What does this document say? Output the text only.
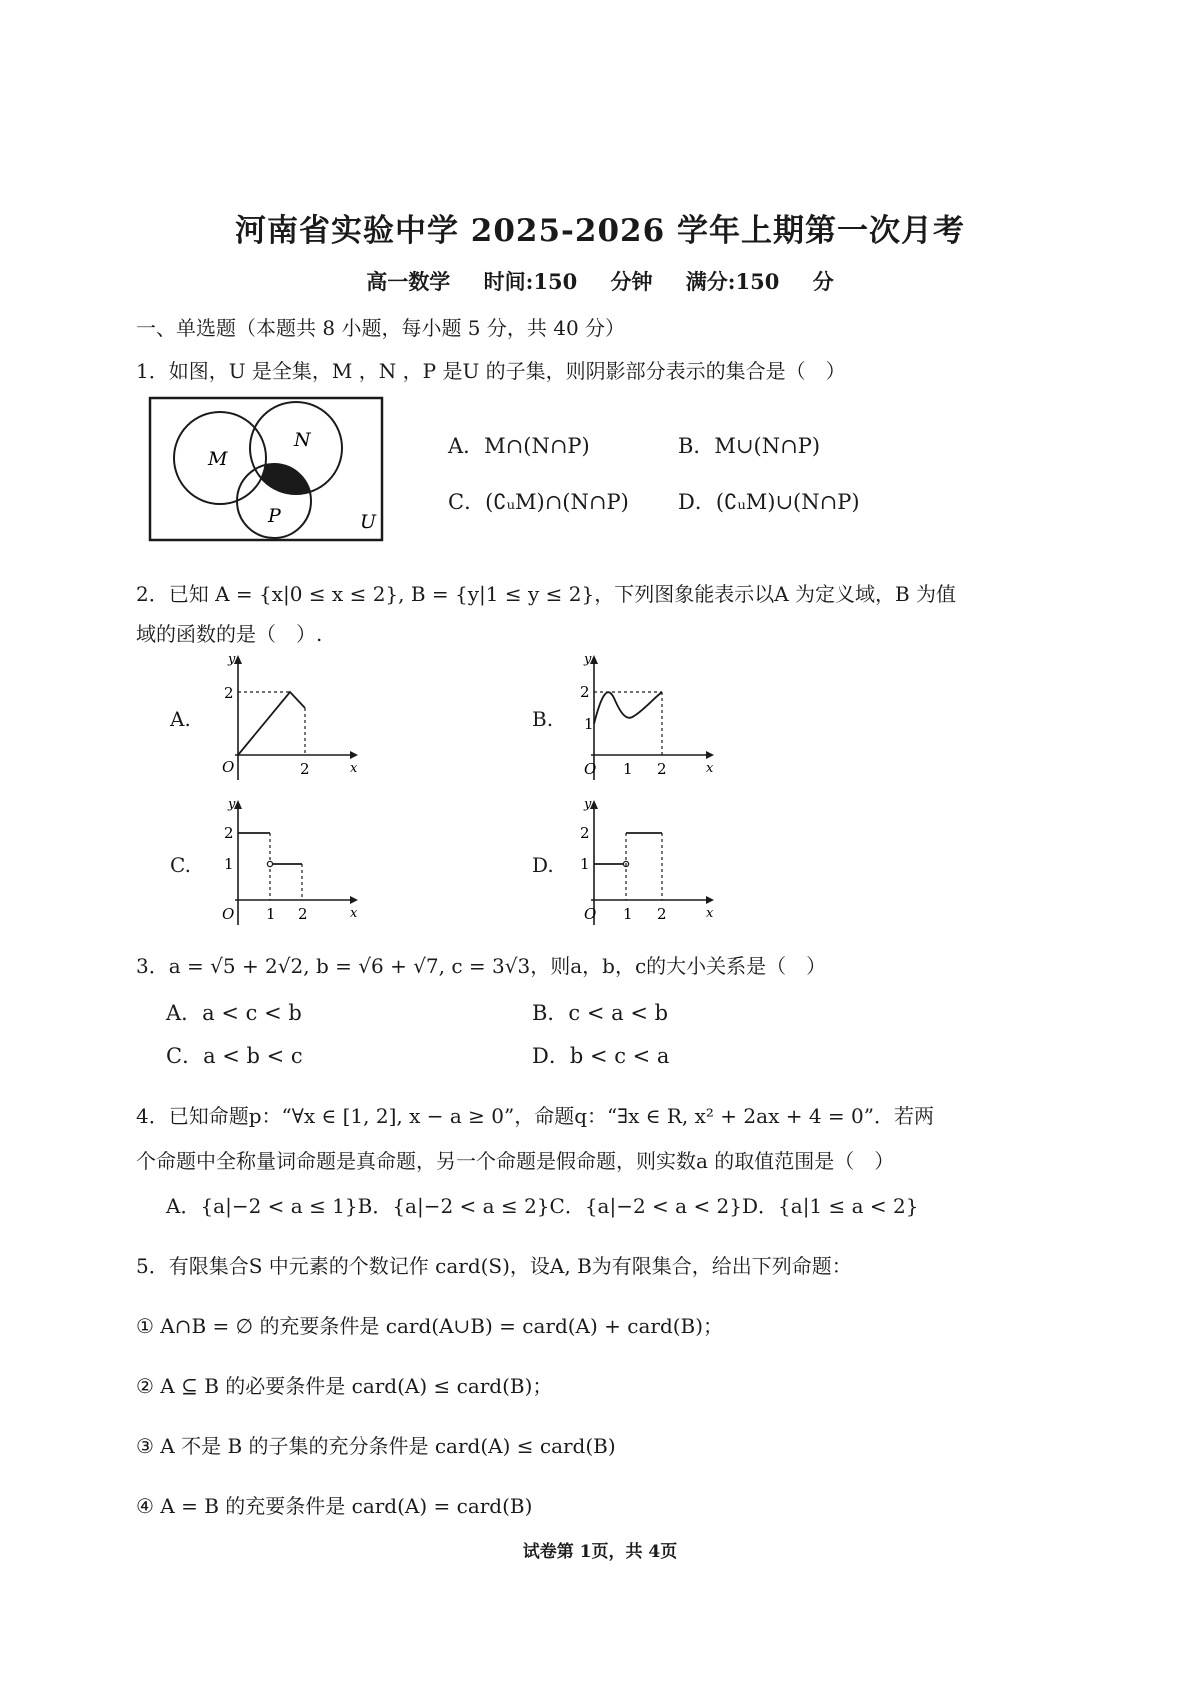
河南省实验中学 2025-2026 学年上期第一次月考
高一数学 时间:150 分钟 满分:150 分
一、单选题（本题共 8 小题，每小题 5 分，共 40 分）
1．如图，U 是全集，M ，N ，P 是U 的子集，则阴影部分表示的集合是（　）
M
N
P	U
A．M∩(N∩P)	B．M∪(N∩P)
C．(∁ᵤM)∩(N∩P) D．(∁ᵤM)∪(N∩P)
2．已知 A = {x|0 ≤ x ≤ 2}, B = {y|1 ≤ y ≤ 2}，下列图象能表示以A 为定义域，B 为值
域的函数的是（　）.
A.
y
x
O
2
2
B.
y
x
O
2
1
1 2
C.
y
x
O
2
1
1 2
D.
y
x
O
2
1
1 2
3．a = √5 + 2√2, b = √6 + √7, c = 3√3，则a，b，c的大小关系是（　）
A．a < c < b	B．c < a < b
C．a < b < c	D．b < c < a
4．已知命题p：“∀x ∈ [1, 2], x − a ≥ 0”，命题q：“∃x ∈ R, x² + 2ax + 4 = 0”．若两
个命题中全称量词命题是真命题，另一个命题是假命题，则实数a 的取值范围是（　）
A．{a|−2 < a ≤ 1}B．{a|−2 < a ≤ 2}C．{a|−2 < a < 2}D．{a|1 ≤ a < 2}
5．有限集合S 中元素的个数记作 card(S)，设A, B为有限集合，给出下列命题：
① A∩B = ∅ 的充要条件是 card(A∪B) = card(A) + card(B)；
② A ⊆ B 的必要条件是 card(A) ≤ card(B)；
③ A 不是 B 的子集的充分条件是 card(A) ≤ card(B)
④ A = B 的充要条件是 card(A) = card(B)
试卷第 1页，共 4页
